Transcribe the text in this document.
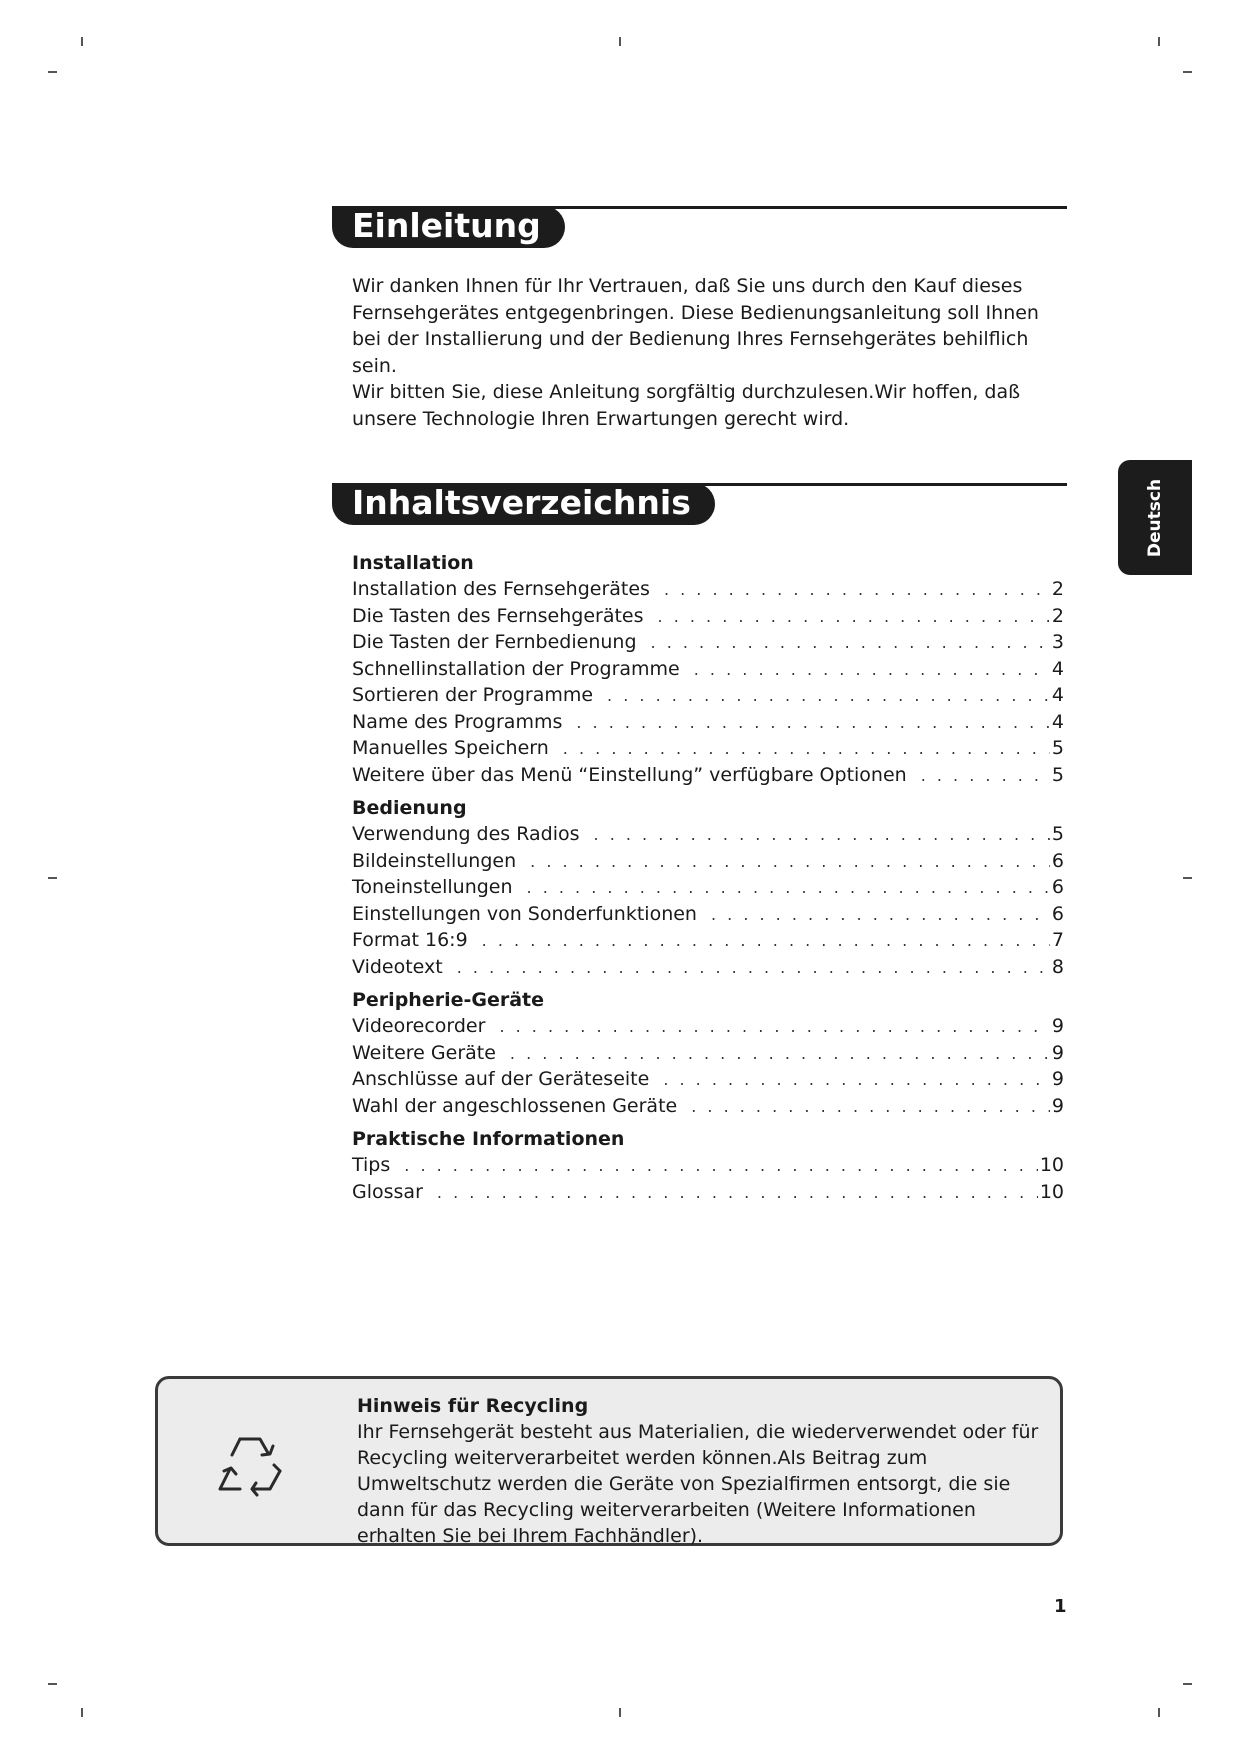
Einleitung

Wir danken Ihnen für Ihr Vertrauen, daß Sie uns durch den Kauf dieses Fernsehgerätes entgegenbringen. Diese Bedienungsanleitung soll Ihnen bei der Installierung und der Bedienung Ihres Fernsehgerätes behilflich sein.

Wir bitten Sie, diese Anleitung sorgfältig durchzulesen.Wir hoffen, daß unsere Technologie Ihren Erwartungen gerecht wird.

Inhaltsverzeichnis
Installation
Installation des Fernsehgerätes . . .	2
Die Tasten des Fernsehgerätes . . .	2
Die Tasten der Fernbedienung . . .	3
Schnellinstallation der Programme . . .	4
Sortieren der Programme . . .	4
Name des Programms . . .	4
Manuelles Speichern . . .	5
Weitere über das Menü “Einstellung” verfügbare Optionen . . .	5
Bedienung
Verwendung des Radios . . .	5
Bildeinstellungen . . .	6
Toneinstellungen . . .	6
Einstellungen von Sonderfunktionen . . .	6
Format 16:9 . . .	7
Videotext . . .	8
Peripherie-Geräte
Videorecorder . . .	9
Weitere Geräte . . .	9
Anschlüsse auf der Geräteseite . . .	9
Wahl der angeschlossenen Geräte . . .	9
Praktische Informationen
Tips . . .	10
Glossar . . .	10
Deutsch
Hinweis für Recycling
Ihr Fernsehgerät besteht aus Materialien, die wiederverwendet oder für Recycling weiterverarbeitet werden können.Als Beitrag zum Umweltschutz werden die Geräte von Spezialfirmen entsorgt, die sie dann für das Recycling weiterverarbeiten (Weitere Informationen erhalten Sie bei Ihrem Fachhändler).
1
